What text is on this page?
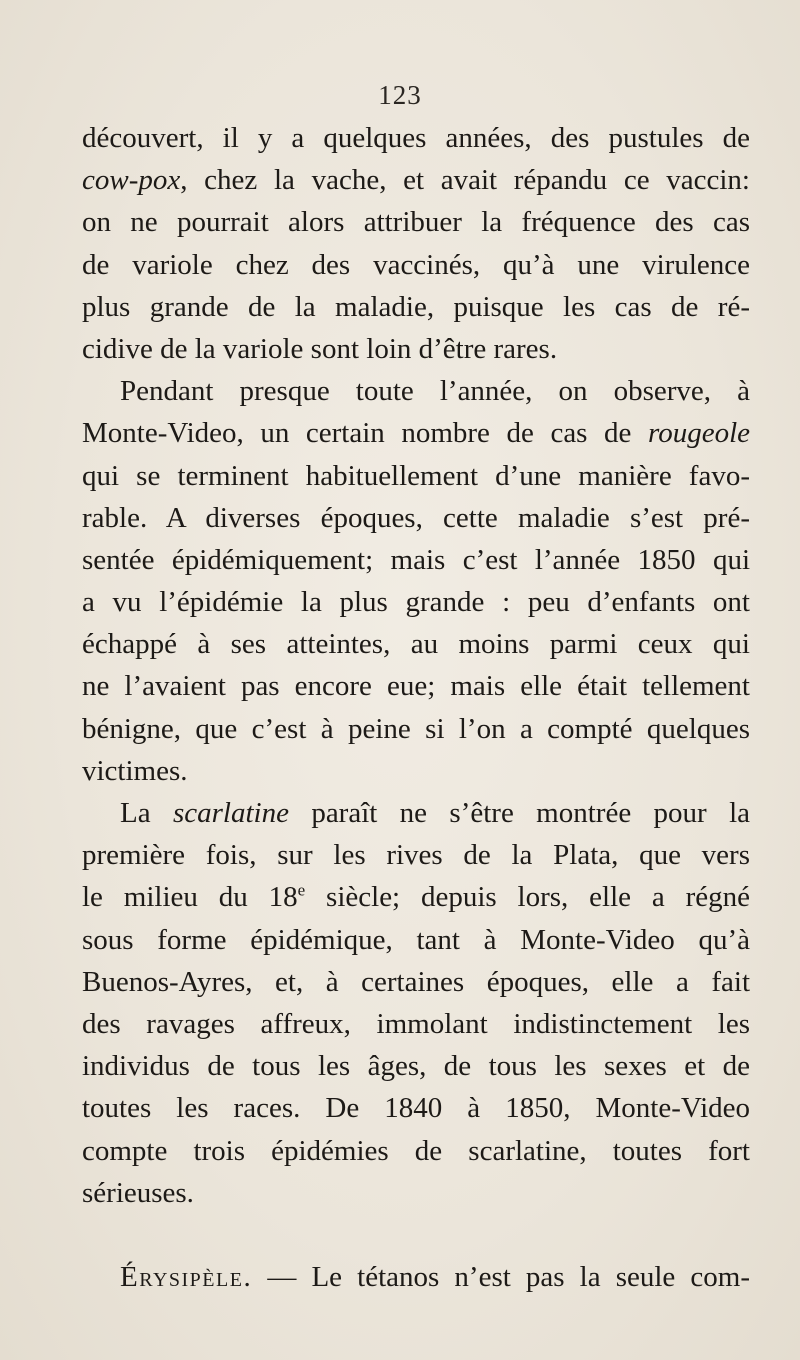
123
découvert, il y a quelques années, des pustules de
cow-pox, chez la vache, et avait répandu ce vaccin:
on ne pourrait alors attribuer la fréquence des cas
de variole chez des vaccinés, qu’à une virulence
plus grande de la maladie, puisque les cas de ré-
cidive de la variole sont loin d’être rares.
Pendant presque toute l’année, on observe, à
Monte-Video, un certain nombre de cas de rougeole
qui se terminent habituellement d’une manière favo-
rable. A diverses époques, cette maladie s’est pré-
sentée épidémiquement; mais c’est l’année 1850 qui
a vu l’épidémie la plus grande : peu d’enfants ont
échappé à ses atteintes, au moins parmi ceux qui
ne l’avaient pas encore eue; mais elle était tellement
bénigne, que c’est à peine si l’on a compté quelques
victimes.
La scarlatine paraît ne s’être montrée pour la
première fois, sur les rives de la Plata, que vers
le milieu du 18e siècle; depuis lors, elle a régné
sous forme épidémique, tant à Monte-Video qu’à
Buenos-Ayres, et, à certaines époques, elle a fait
des ravages affreux, immolant indistinctement les
individus de tous les âges, de tous les sexes et de
toutes les races. De 1840 à 1850, Monte-Video
compte trois épidémies de scarlatine, toutes fort
sérieuses.
Érysipèle. — Le tétanos n’est pas la seule com-
